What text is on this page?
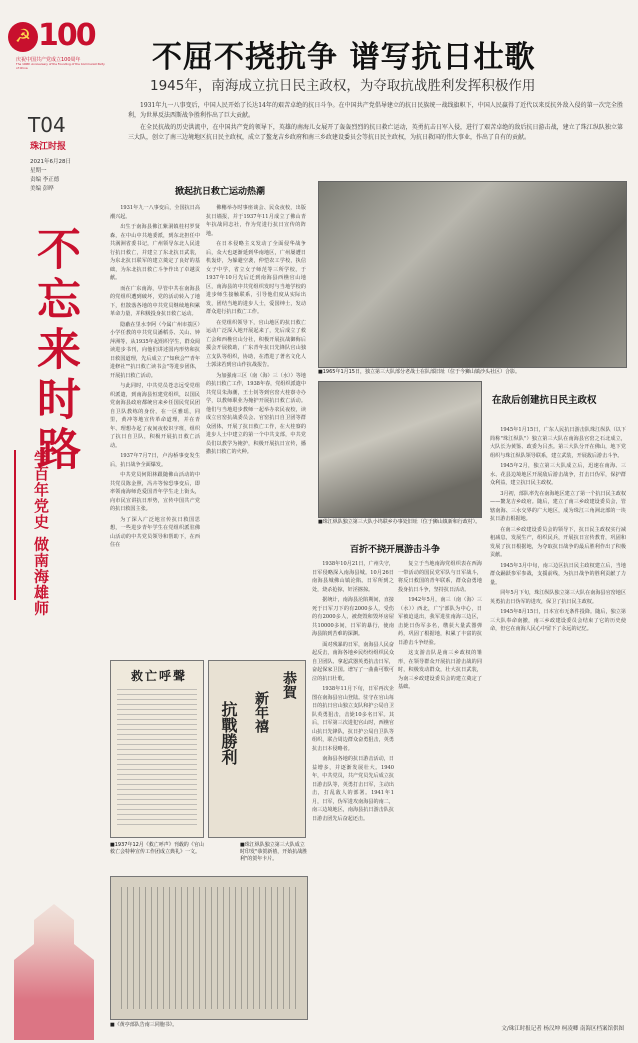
☭ 100
庆祝中国共产党成立100周年
The 100th Anniversary of the Founding of the Communist Party of China
T04
珠江时报
2021年6月28日
星期一
责编 李正德
美编 彭晔
不忘来时路
学百年党史 做南海雄师
不屈不挠抗争 谱写抗日壮歌
1945年，南海成立抗日民主政权，为夺取抗战胜利发挥积极作用

1931年九一八事变后，中国人民开始了长达14年的艰苦卓绝的抗日斗争。在中国共产党倡导建立的抗日民族统一战线旗帜下，中国人民赢得了近代以来反抗外敌入侵的第一次完全胜利，为世界反法西斯战争胜利作出了巨大贡献。

在全民抗战的历史洪流中，在中国共产党的领导下，英雄的南海儿女展开了轰轰烈烈的抗日救亡运动，英勇抗击日军入侵，进行了艰苦卓绝的敌后抗日游击战，建立了珠江纵队独立第三大队，创立了南三边境地区抗日民主政权，成立了鳌龙吉乡政府和南三乡政建设委员会等抗日民主政权，为抗日救国的伟大事业，作出了自有的贡献。

掀起抗日救亡运动热潮

1931年九一八事变后，全国抗日高潮兴起。

出生于南海县佛江紫洞镇桂村罗贤森，在中山中共地委派，到东北担任中共满洲省委书记，广州领导东北人民进行抗日救亡，并建立了东北抗日武装，为东北抗日联军的建立奠定了良好的基础，为东北抗日救亡斗争作出了卓越贡献。

而在广东南海，早管中共在南海县的党组织遭到破坏，党的活动转入了地下，但散落各地的中共党员继续地积累革命力量，并积极投身抗日救亡运动。

隐蔽在里水李阿（今属广州市荔区）小学任教的中共党员潘稻芬、关山、钟萍洲等，从1935年起组织学生，群众阅读进步书刊，向他们讲述国内形势和抗日救国道理，先后成立了"知秋会""青年进修社""抗日救亡读书会"等进步团体，开展抗日救亡活动。

与此同时，中共党员苍志远受党组织派遣，到南海县恒建党组织，以国民党南海县政府都统官来乡任国民党民团自卫队教练的身份，在一区雅瑶，同里，黄冲等地宣传革命道理，并在青年、理想办起了夜间夜校识字班，组织了抗日自卫队，积极开展抗日救亡活动。

1937年7月7日，卢沟桥事变发生后，抗日战争全面爆发。

中共党员何阳林跟随佛山活动的中共党员陈金照，冯卉等惊恐事变后，即率领南海师范爱国青年学生走上街头，向市民宣讲抗日形势，宣传中国共产党的抗日救国主张。

为了深入广泛地宣传抗日救国思想，一些进步青年学生在党组织派驻佛山活动的中共党员领导和帮助下，在西住在

佛穗举办时事座谈会、民众夜校，出版抗日墙报，并于1937年11月成立了佛山青年抗战同志社，作为党进行抗日宣传的阵地。

在日本侵略主义发动了全面侵华战争后，众大也逐渐延到华南地区，广州屡遭日机轰炸，为躲避空袭，仲恺农工学校，执信女子中学，省立女子师范等三所学校，于1937年10月先后迁到南海县西樵官山地区，南海县的中共党组织发时与当地学校的进步师生接触联系，引导他们度从实际出发，团结当地的进步人士，爱国绅士，发动群众进行抗日救亡工作。

在党组织领导下，官山地区的抗日救亡运动广泛深入地开展起来了，先后成立了救亡会和西樵官山分社，积极开展抗战御侮后援会开展救助，广东青年抗日先锋队官山独立支队等组织，协助，在潜进了著名文化人士郭沫若到官山作抗战报告。

为加强南三区（南（海）三（水））等地的抗日救亡工作，1938年春，党组织派遣中共党员朱海潮，王士钊等到官窑大桂寮寺办学，以教师职业为掩护开展抗日救亡活动。他们与当地进步教师一起举办农民夜校，读成立官窑抗战委员会、官窑抗日自卫团等群众团体，开展了抗日救亡工作，在大桂寮的进步人士中建立的第一个中共支部，中共党员们以教学为掩护，积极开展抗日宣传，播撒抗日救亡的火种。

■1965年1月15日，独立第三大队部分老战士在队部旧址（位于今狮山镇沙头社区）合影。
■珠江纵队独立第三大队小坞联乡办事处旧址（位于狮山镇新和行政村）。
百折不挠开展游击斗争

1938年10月21日，广州失守，日军侵略深入南海县城。10月26日南海县城佛山镇沦陷。日军所到之处，烧杀抢掠，奸淫掳掠。

据统计，南海县沦陷期间，直接死于日军刀下的有2000多人，受伤的有2000多人，被烧毁和毁坏房屋共10000多间，日军的暴行，使南海县陷到苦难的深渊。

面对残暴的日军，南海县人民奋起反击，南海各地乡民纷纷组织民众自卫团队、拿起武器英勇抗击日军，奋起保家卫国。谱写了一曲曲可歌可泣的抗日壮歌。

1938年11月下旬，日军再次企图在南海县官山登陆。驻守在官山每日的抗日官山独立支队和护公局自卫队英勇狙击，击毙10多名日军。其后，日军第三次进犯官山时，西樵官山抗日先锋队，抗日护公局自卫队等组织，联合周边群众奋勇狙击，英勇抗击日本侵略者。

南海县各地的抗日游击活动，日益增多，并逐渐发展壮大。1940年，中共党员，共产党员先后成立抗日游击队等，英勇打击日军，主动出击，打乱敌人的部署。1941年1月，日军，伪军进攻南海县的南二，南三边境地区，南海县抗日游击队抗日游击团先后奋起还击。

复立于当地南海党组织表在西海一带活动的国民党军队与日军战斗，将反日救国的青年联系，群众奋勇地投身抗日斗争，坚持抗日活动。

1942年5月，南三（南（海）三（水））西北，广宁部队为中心，日军被迫退出，我军进驻南海三边区，击毙日伪军多名，缴获大量武器弹药，巩固了根据地，积累了丰富的抗日游击斗争经验。

这支游击队是南三乡政权的雏形，在领导群众开展抗日游击战的同时，积极发动群众，壮大抗日武装，为南三乡政建设委员会的建立奠定了基础。

在敌后创建抗日民主政权

1945年1月15日，广东人民抗日游击队珠江纵队（以下简称"珠江纵队"）独立第三大队在南海县官窑之石北成立，大队长为黄鉴、政委为吕杰。第三大队分开在佛山，地下党组织与珠江纵队领导联系，建立武装，开展敌后游击斗争。

1945年2月，独立第三大队成立后，迅速在南海、三水、花县边境地区开展敌后游击战争，打击日伪军，保护群众利益，建立抗日民主政权。

3月初，部队率先在南海地区建立了第一个抗日民主政权——鳌龙吉乡政府。随后，建立了南三乡政建设委员会，管辖南海、三水交界的广大地区，成为珠江三角洲北部的一块抗日游击根据地。

在南三乡政建设委员会的领导下，抗日民主政权实行减租减息，发展生产，组织民兵，开展抗日宣传教育，巩固和发展了抗日根据地，为夺取抗日战争的最后胜利作出了积极贡献。

1945年3月中旬，南三边区抗日民主政权建立后，当地群众踊跃参军参战，支援前线，为抗日战争的胜利贡献了力量。

同年5月下旬，珠江纵队独立第三大队在南海县官窑地区英勇抗击日伪军的进攻，保卫了抗日民主政权。

1945年8月15日，日本宣布无条件投降。随后，独立第三大队奉命南撤，南三乡政建设委员会结束了它的历史使命，但它在南海人民心中留下了永远的记忆。

救亡呼聲
■1937年12月《救亡呼声》刊载的《官山救亡会特种宣传工作团成立典礼》一文。
抗戰勝利 新年禧
恭賀
■珠江纵队独立第三大队成立时印发"恭贺新禧，开始抗战胜利"的贺年卡片。
■《黄亭部队告南三同胞书》。
文/珠江时报记者 杨汉坤 柯凌卿 南海区档案馆供图
